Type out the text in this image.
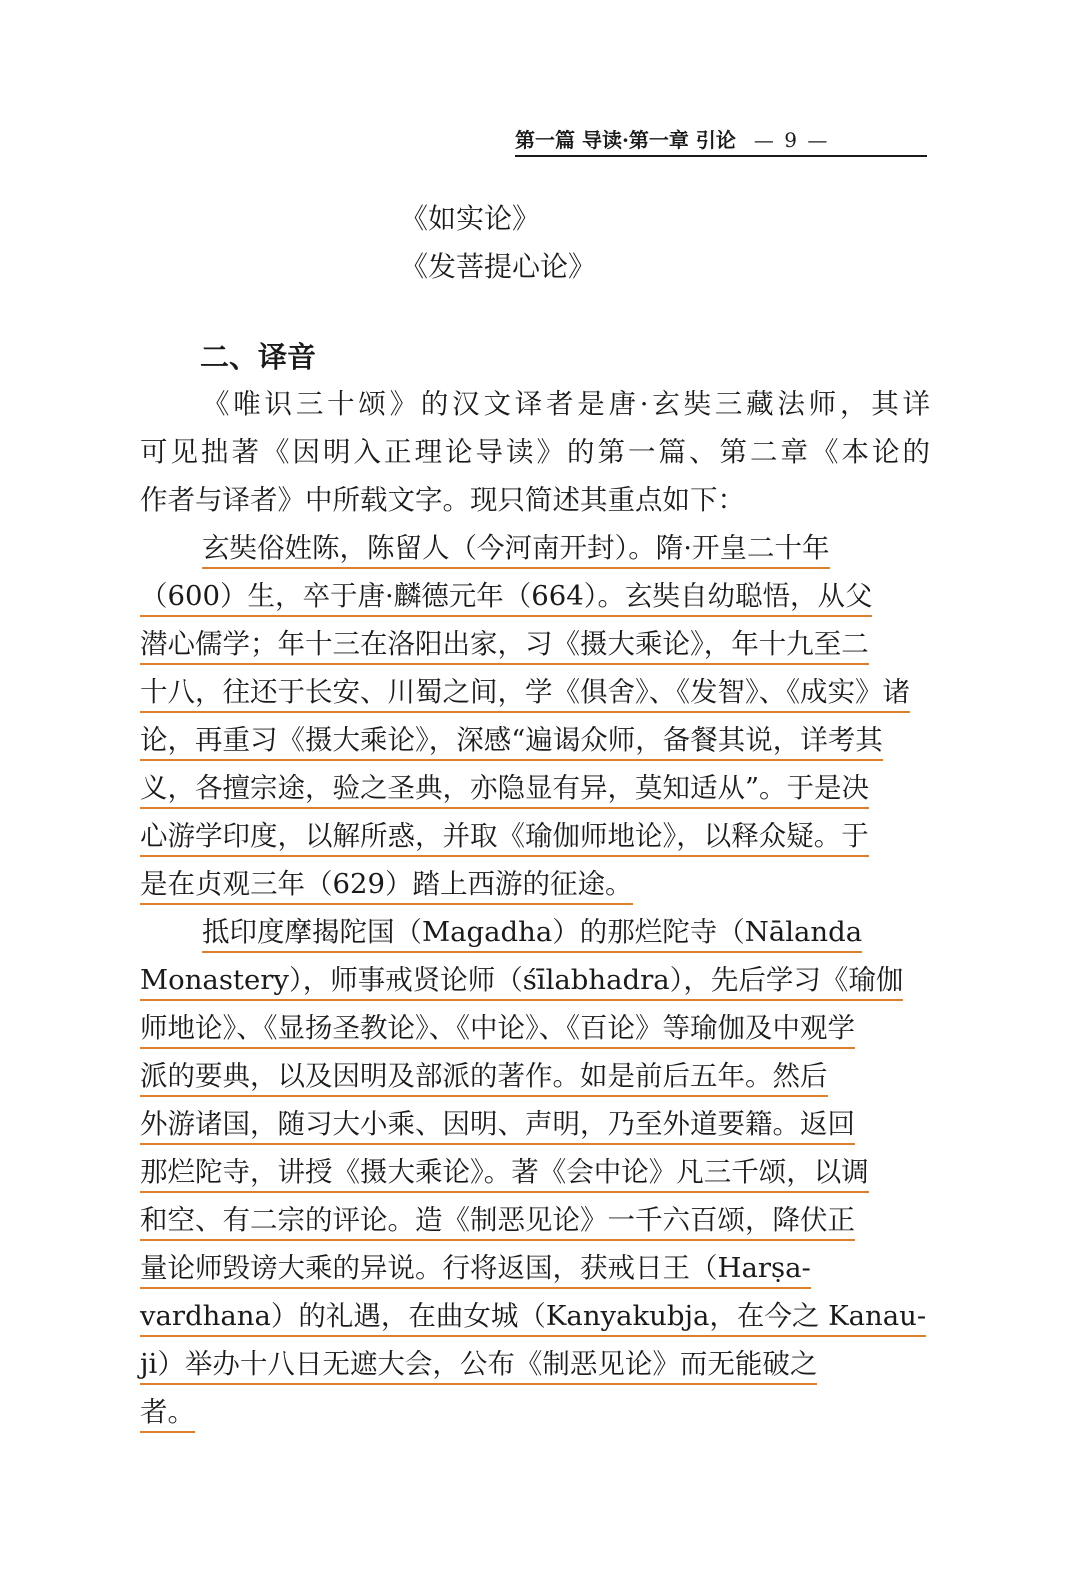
第一篇 导读·第一章 引论 — 9 —
《如实论》
《发菩提心论》
二、译音
《唯识三十颂》的汉文译者是唐·玄奘三藏法师，其详
可见拙著《因明入正理论导读》的第一篇、第二章《本论的
作者与译者》中所载文字。现只简述其重点如下：
玄奘俗姓陈，陈留人（今河南开封）。隋·开皇二十年
（600）生，卒于唐·麟德元年（664）。玄奘自幼聪悟，从父
潜心儒学；年十三在洛阳出家，习《摄大乘论》，年十九至二
十八，往还于长安、川蜀之间，学《俱舍》、《发智》、《成实》诸
论，再重习《摄大乘论》，深感“遍谒众师，备餐其说，详考其
义，各擅宗途，验之圣典，亦隐显有异，莫知适从”。于是决
心游学印度，以解所惑，并取《瑜伽师地论》，以释众疑。于
是在贞观三年（629）踏上西游的征途。
抵印度摩揭陀国（Magadha）的那烂陀寺（Nālanda
Monastery），师事戒贤论师（śīlabhadra），先后学习《瑜伽
师地论》、《显扬圣教论》、《中论》、《百论》等瑜伽及中观学
派的要典，以及因明及部派的著作。如是前后五年。然后
外游诸国，随习大小乘、因明、声明，乃至外道要籍。返回
那烂陀寺，讲授《摄大乘论》。著《会中论》凡三千颂，以调
和空、有二宗的评论。造《制恶见论》一千六百颂，降伏正
量论师毁谤大乘的异说。行将返国，获戒日王（Harṣa-
vardhana）的礼遇，在曲女城（Kanyakubja，在今之 Kanau-
ji）举办十八日无遮大会，公布《制恶见论》而无能破之
者。
